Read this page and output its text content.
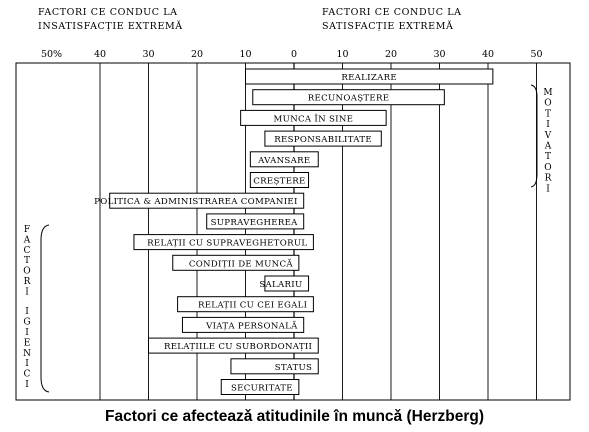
FACTORI CE CONDUC LA
INSATISFACȚIE EXTREMĂ
FACTORI CE CONDUC LA
SATISFACȚIE EXTREMĂ
50%	40	30	20	10	0	10	20	30	40	50
REALIZARE
RECUNOAȘTERE
MUNCA ÎN SINE
RESPONSABILITATE
AVANSARE
CREȘTERE
POLITICA & ADMINISTRAREA COMPANIEI
SUPRAVEGHEREA
RELAȚII CU SUPRAVEGHETORUL
CONDIȚII DE MUNCĂ
SALARIU
RELAȚII CU CEI EGALI
VIAȚA PERSONALĂ
RELAȚIILE CU SUBORDONAȚII
STATUS
SECURITATE
M
O
T
I
V
A
T
O
R
I
F
A
C
T
O
R
I
I
G
I
E
N
I
C
I
Factori ce afecteazǎ atitudinile în muncǎ (Herzberg)
